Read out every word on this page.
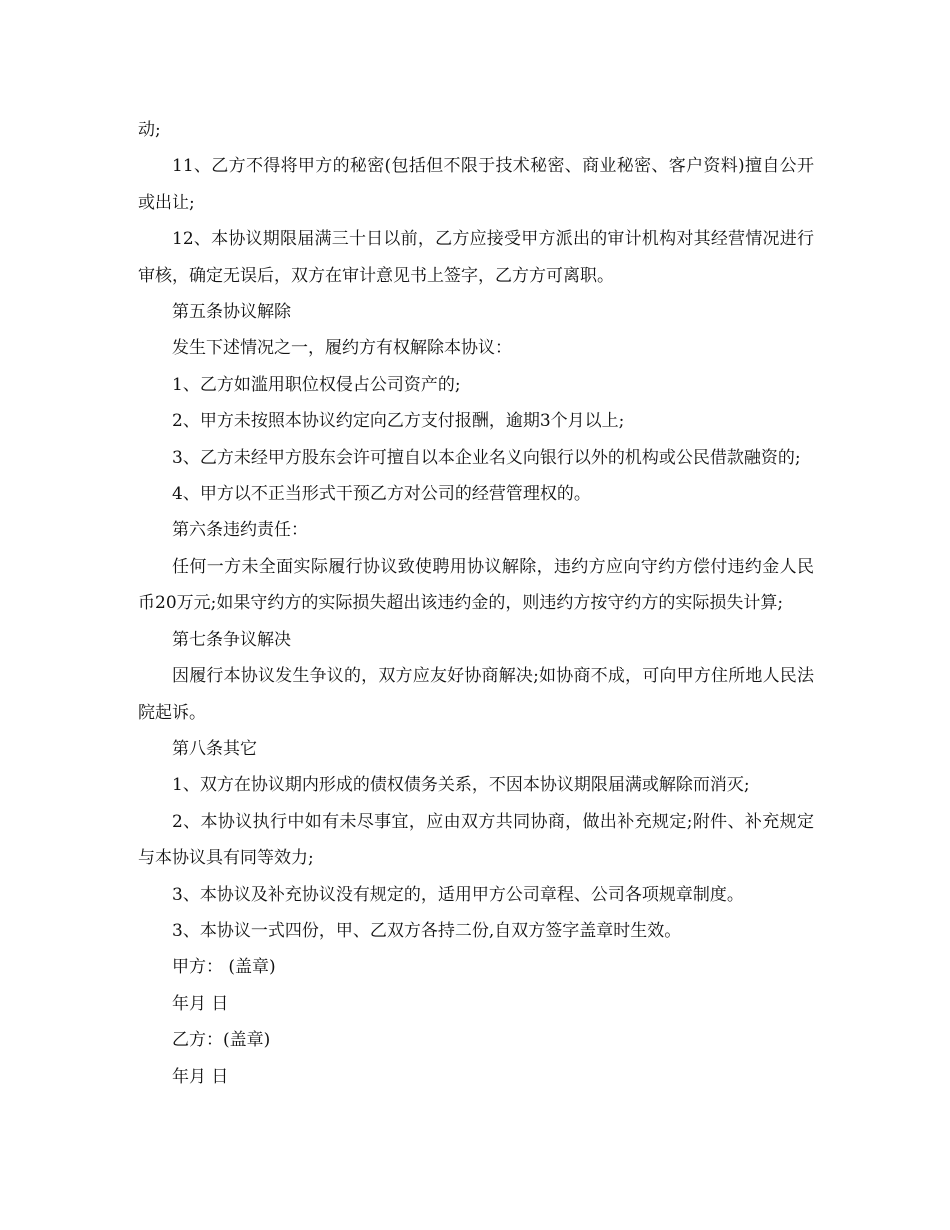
动;

11、乙方不得将甲方的秘密(包括但不限于技术秘密、商业秘密、客户资料)擅自公开或出让;

12、本协议期限届满三十日以前，乙方应接受甲方派出的审计机构对其经营情况进行审核，确定无误后，双方在审计意见书上签字，乙方方可离职。

第五条协议解除

发生下述情况之一，履约方有权解除本协议：

1、乙方如滥用职位权侵占公司资产的;

2、甲方未按照本协议约定向乙方支付报酬，逾期3个月以上;

3、乙方未经甲方股东会许可擅自以本企业名义向银行以外的机构或公民借款融资的;

4、甲方以不正当形式干预乙方对公司的经营管理权的。

第六条违约责任：

任何一方未全面实际履行协议致使聘用协议解除，违约方应向守约方偿付违约金人民币20万元;如果守约方的实际损失超出该违约金的，则违约方按守约方的实际损失计算;

第七条争议解决

因履行本协议发生争议的，双方应友好协商解决;如协商不成，可向甲方住所地人民法院起诉。

第八条其它

1、双方在协议期内形成的债权债务关系，不因本协议期限届满或解除而消灭;

2、本协议执行中如有未尽事宜，应由双方共同协商，做出补充规定;附件、补充规定与本协议具有同等效力;

3、本协议及补充协议没有规定的，适用甲方公司章程、公司各项规章制度。

3、本协议一式四份，甲、乙双方各持二份,自双方签字盖章时生效。

甲方： (盖章)

年月 日

乙方：(盖章)

年月 日
